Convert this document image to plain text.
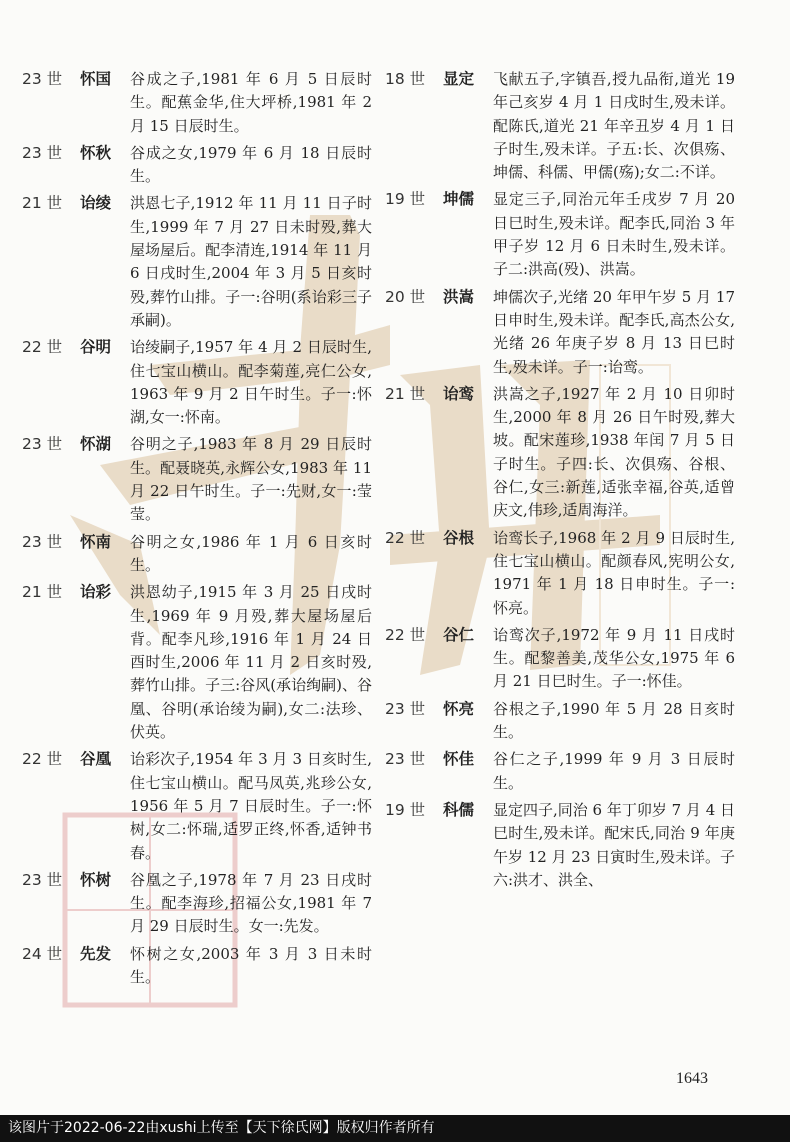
23 世	怀国	谷成之子,1981 年 6 月 5 日辰时生。配蕉金华,住大坪桥,1981 年 2 月 15 日辰时生。
23 世	怀秋	谷成之女,1979 年 6 月 18 日辰时生。
21 世	诒绫	洪恩七子,1912 年 11 月 11 日子时生,1999 年 7 月 27 日未时殁,葬大屋场屋后。配李清连,1914 年 11 月 6 日戌时生,2004 年 3 月 5 日亥时殁,葬竹山排。子一:谷明(系诒彩三子承嗣)。
22 世	谷明	诒绫嗣子,1957 年 4 月 2 日辰时生,住七宝山横山。配李菊莲,亮仁公女,1963 年 9 月 2 日午时生。子一:怀湖,女一:怀南。
23 世	怀湖	谷明之子,1983 年 8 月 29 日辰时生。配聂晓英,永辉公女,1983 年 11 月 22 日午时生。子一:先财,女一:莹莹。
23 世	怀南	谷明之女,1986 年 1 月 6 日亥时生。
21 世	诒彩	洪恩幼子,1915 年 3 月 25 日戌时生,1969 年 9 月殁,葬大屋场屋后背。配李凡珍,1916 年 1 月 24 日酉时生,2006 年 11 月 2 日亥时殁,葬竹山排。子三:谷风(承诒绚嗣)、谷凰、谷明(承诒绫为嗣),女二:法珍、伏英。
22 世	谷凰	诒彩次子,1954 年 3 月 3 日亥时生,住七宝山横山。配马凤英,兆珍公女,1956 年 5 月 7 日辰时生。子一:怀树,女二:怀瑞,适罗正终,怀香,适钟书春。
23 世	怀树	谷凰之子,1978 年 7 月 23 日戌时生。配李海珍,招福公女,1981 年 7 月 29 日辰时生。女一:先发。
24 世	先发	怀树之女,2003 年 3 月 3 日未时生。
18 世	显定	飞献五子,字镇吾,授九品衔,道光 19 年己亥岁 4 月 1 日戌时生,殁未详。配陈氏,道光 21 年辛丑岁 4 月 1 日子时生,殁未详。子五:长、次俱殇、坤儒、科儒、甲儒(殇);女二:不详。
19 世	坤儒	显定三子,同治元年壬戌岁 7 月 20 日巳时生,殁未详。配李氏,同治 3 年甲子岁 12 月 6 日未时生,殁未详。子二:洪高(殁)、洪嵩。
20 世	洪嵩	坤儒次子,光绪 20 年甲午岁 5 月 17 日申时生,殁未详。配李氏,高杰公女,光绪 26 年庚子岁 8 月 13 日巳时生,殁未详。子一:诒鸾。
21 世	诒鸾	洪嵩之子,1927 年 2 月 10 日卯时生,2000 年 8 月 26 日午时殁,葬大坡。配宋莲珍,1938 年闰 7 月 5 日子时生。子四:长、次俱殇、谷根、谷仁,女三:新莲,适张幸福,谷英,适曾庆文,伟珍,适周海洋。
22 世	谷根	诒鸾长子,1968 年 2 月 9 日辰时生,住七宝山横山。配颜春风,宪明公女,1971 年 1 月 18 日申时生。子一:怀亮。
22 世	谷仁	诒鸾次子,1972 年 9 月 11 日戌时生。配黎善美,茂华公女,1975 年 6 月 21 日巳时生。子一:怀佳。
23 世	怀亮	谷根之子,1990 年 5 月 28 日亥时生。
23 世	怀佳	谷仁之子,1999 年 9 月 3 日辰时生。
19 世	科儒	显定四子,同治 6 年丁卯岁 7 月 4 日巳时生,殁未详。配宋氏,同治 9 年庚午岁 12 月 23 日寅时生,殁未详。子六:洪才、洪全、
1643
该图片于2022-06-22由xushi上传至【天下徐氏网】版权归作者所有
